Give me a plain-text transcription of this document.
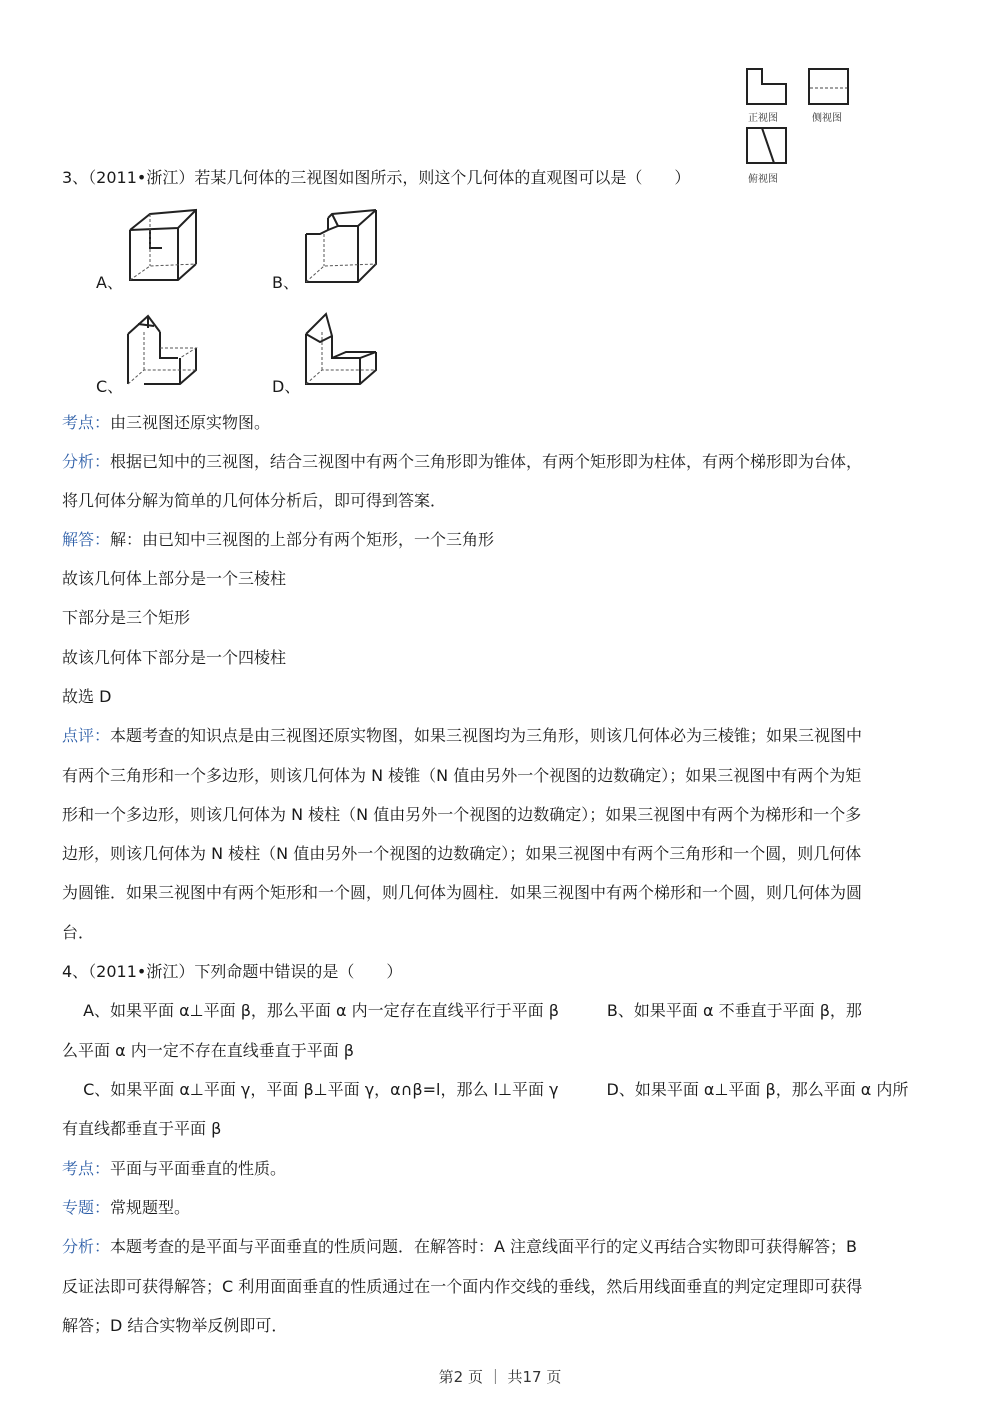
正视图	侧视图
俯视图
3、（2011•浙江）若某几何体的三视图如图所示，则这个几何体的直观图可以是（　　）
A、	B、
C、	D、
考点：由三视图还原实物图。
分析：根据已知中的三视图，结合三视图中有两个三角形即为锥体，有两个矩形即为柱体，有两个梯形即为台体，
将几何体分解为简单的几何体分析后，即可得到答案．
解答：解：由已知中三视图的上部分有两个矩形，一个三角形
故该几何体上部分是一个三棱柱
下部分是三个矩形
故该几何体下部分是一个四棱柱
故选 D
点评：本题考查的知识点是由三视图还原实物图，如果三视图均为三角形，则该几何体必为三棱锥；如果三视图中
有两个三角形和一个多边形，则该几何体为 N 棱锥（N 值由另外一个视图的边数确定）；如果三视图中有两个为矩
形和一个多边形，则该几何体为 N 棱柱（N 值由另外一个视图的边数确定）；如果三视图中有两个为梯形和一个多
边形，则该几何体为 N 棱柱（N 值由另外一个视图的边数确定）；如果三视图中有两个三角形和一个圆，则几何体
为圆锥．如果三视图中有两个矩形和一个圆，则几何体为圆柱．如果三视图中有两个梯形和一个圆，则几何体为圆
台．
4、（2011•浙江）下列命题中错误的是（　　）
　 A、如果平面 α⊥平面 β，那么平面 α 内一定存在直线平行于平面 β　　　B、如果平面 α 不垂直于平面 β，那
么平面 α 内一定不存在直线垂直于平面 β
　 C、如果平面 α⊥平面 γ，平面 β⊥平面 γ，α∩β=l，那么 l⊥平面 γ　　　D、如果平面 α⊥平面 β，那么平面 α 内所
有直线都垂直于平面 β
考点：平面与平面垂直的性质。
专题：常规题型。
分析：本题考查的是平面与平面垂直的性质问题．在解答时：A 注意线面平行的定义再结合实物即可获得解答；B
反证法即可获得解答；C 利用面面垂直的性质通过在一个面内作交线的垂线，然后用线面垂直的判定定理即可获得
解答；D 结合实物举反例即可．
第2 页 ｜ 共17 页
